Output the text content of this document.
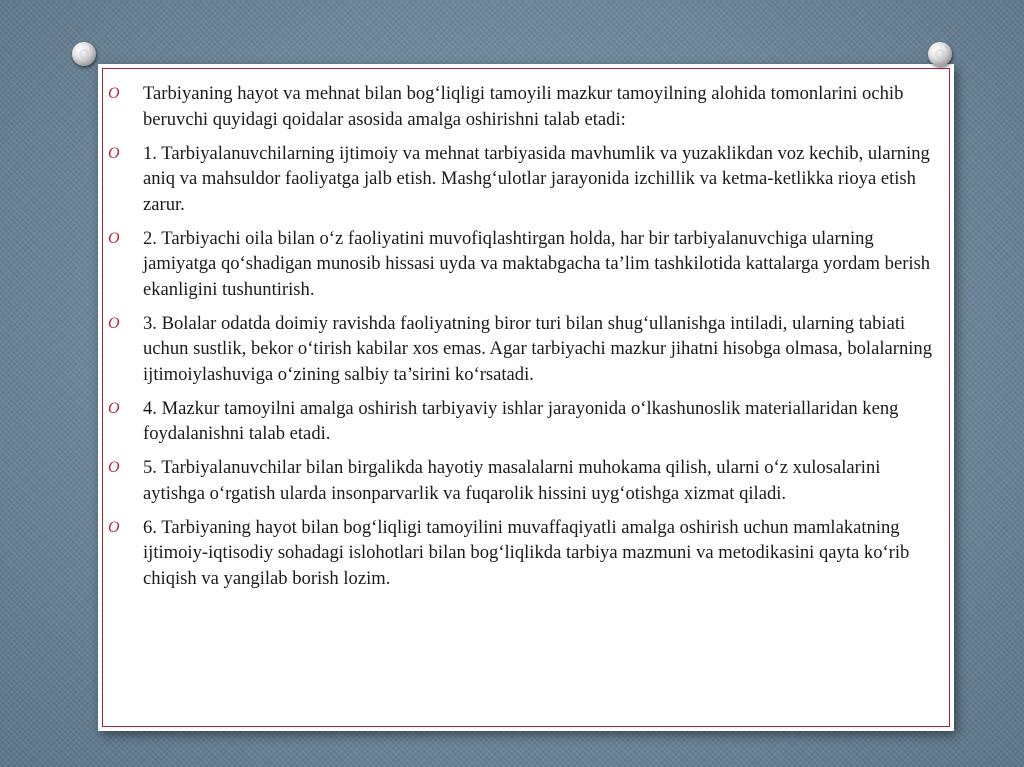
O Tarbiyaning hayot va mehnat bilan bog‘liqligi tamoyili mazkur tamoyilning alohida tomonlarini ochib beruvchi quyidagi qoidalar asosida amalga oshirishni talab etadi:
O 1. Tarbiyalanuvchilarning ijtimoiy va mehnat tarbiyasida mavhumlik va yuzaklikdan voz kechib, ularning aniq va mahsuldor faoliyatga jalb etish. Mashg‘ulotlar jarayonida izchillik va ketma-ketlikka rioya etish zarur.
O 2. Tarbiyachi oila bilan o‘z faoliyatini muvofiqlashtirgan holda, har bir tarbiyalanuvchiga ularning jamiyatga qo‘shadigan munosib hissasi uyda va maktabgacha ta’lim tashkilotida kattalarga yordam berish ekanligini tushuntirish.
O 3. Bolalar odatda doimiy ravishda faoliyatning biror turi bilan shug‘ullanishga intiladi, ularning tabiati uchun sustlik, bekor o‘tirish kabilar xos emas. Agar tarbiyachi mazkur jihatni hisobga olmasa, bolalarning ijtimoiylashuviga o‘zining salbiy ta’sirini ko‘rsatadi.
O 4. Mazkur tamoyilni amalga oshirish tarbiyaviy ishlar jarayonida o‘lkashunoslik materiallaridan keng foydalanishni talab etadi.
O 5. Tarbiyalanuvchilar bilan birgalikda hayotiy masalalarni muhokama qilish, ularni o‘z xulosalarini aytishga o‘rgatish ularda insonparvarlik va fuqarolik hissini uyg‘otishga xizmat qiladi.
O 6. Tarbiyaning hayot bilan bog‘liqligi tamoyilini muvaffaqiyatli amalga oshirish uchun mamlakatning ijtimoiy-iqtisodiy sohadagi islohotlari bilan bog‘liqlikda tarbiya mazmuni va metodikasini qayta ko‘rib chiqish va yangilab borish lozim.
